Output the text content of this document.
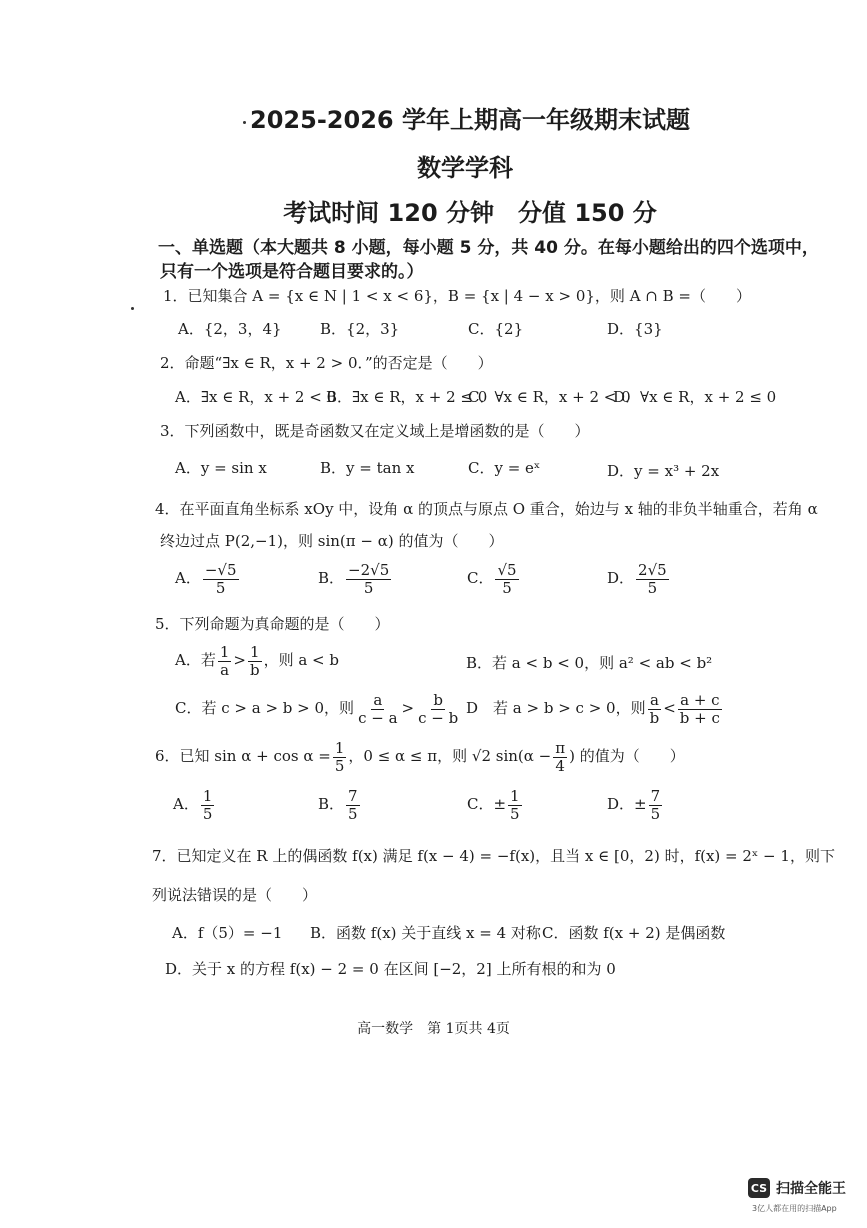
2025-2026 学年上期高一年级期末试题
数学学科
考试时间 120 分钟　分值 150 分
一、单选题（本大题共 8 小题，每小题 5 分，共 40 分。在每小题给出的四个选项中，
只有一个选项是符合题目要求的。）
1．已知集合 A = {x ∈ N | 1 < x < 6}，B = {x | 4 − x > 0}，则 A ∩ B =（　　）
A．{2，3，4}	B．{2，3}	C．{2}	D．{3}
2．命题“∃x ∈ R，x + 2 > 0．”的否定是（　　）
A．∃x ∈ R，x + 2 < 0
B．∃x ∈ R，x + 2 ≤ 0
C．∀x ∈ R，x + 2 < 0
D．∀x ∈ R，x + 2 ≤ 0
3．下列函数中，既是奇函数又在定义域上是增函数的是（　　）
A．y = sin x	B．y = tan x	C．y = eˣ	D．y = x³ + 2x
4．在平面直角坐标系 xOy 中，设角 α 的顶点与原点 O 重合，始边与 x 轴的非负半轴重合，若角 α
终边过点 P(2,−1)，则 sin(π − α) 的值为（　　）
A． $\frac{-√5}{5}$	B． $\frac{-2√5}{5}$	C． $\frac{√5}{5}$	D． $\frac{2√5}{5}$
5．下列命题为真命题的是（　　）
A．若 $\frac{1}{a} > \frac{1}{b}$ ，则 a < b	B．若 a < b < 0，则 a² < ab < b²
C．若 c > a > b > 0，则 $\frac{a}{c - a} > \frac{b}{c - b}$ D　若 a > b > c > 0，则 $\frac{a}{b} < \frac{a + c}{b + c}$
6．已知 $\sin \alpha + \cos \alpha = \frac{1}{5}$ ，0 ≤ α ≤ π，则 √2 $\sin(\alpha - \frac{\pi}{4}$ ) 的值为（　　）
A． $\frac{1}{5}$	B． $\frac{7}{5}$	C．± $\frac{1}{5}$	D．± $\frac{7}{5}$
7．已知定义在 R 上的偶函数 f(x) 满足 f(x − 4) = −f(x)，且当 x ∈ [0，2) 时，f(x) = 2ˣ − 1，则下
列说法错误的是（　　）
A．f（5）= −1 B．函数 f(x) 关于直线 x = 4 对称 C．函数 f(x + 2) 是偶函数
D．关于 x 的方程 f(x) − 2 = 0 在区间 [−2，2] 上所有根的和为 0
高一数学　第 1页共 4页
CS 扫描全能王
3亿人都在用的扫描App
